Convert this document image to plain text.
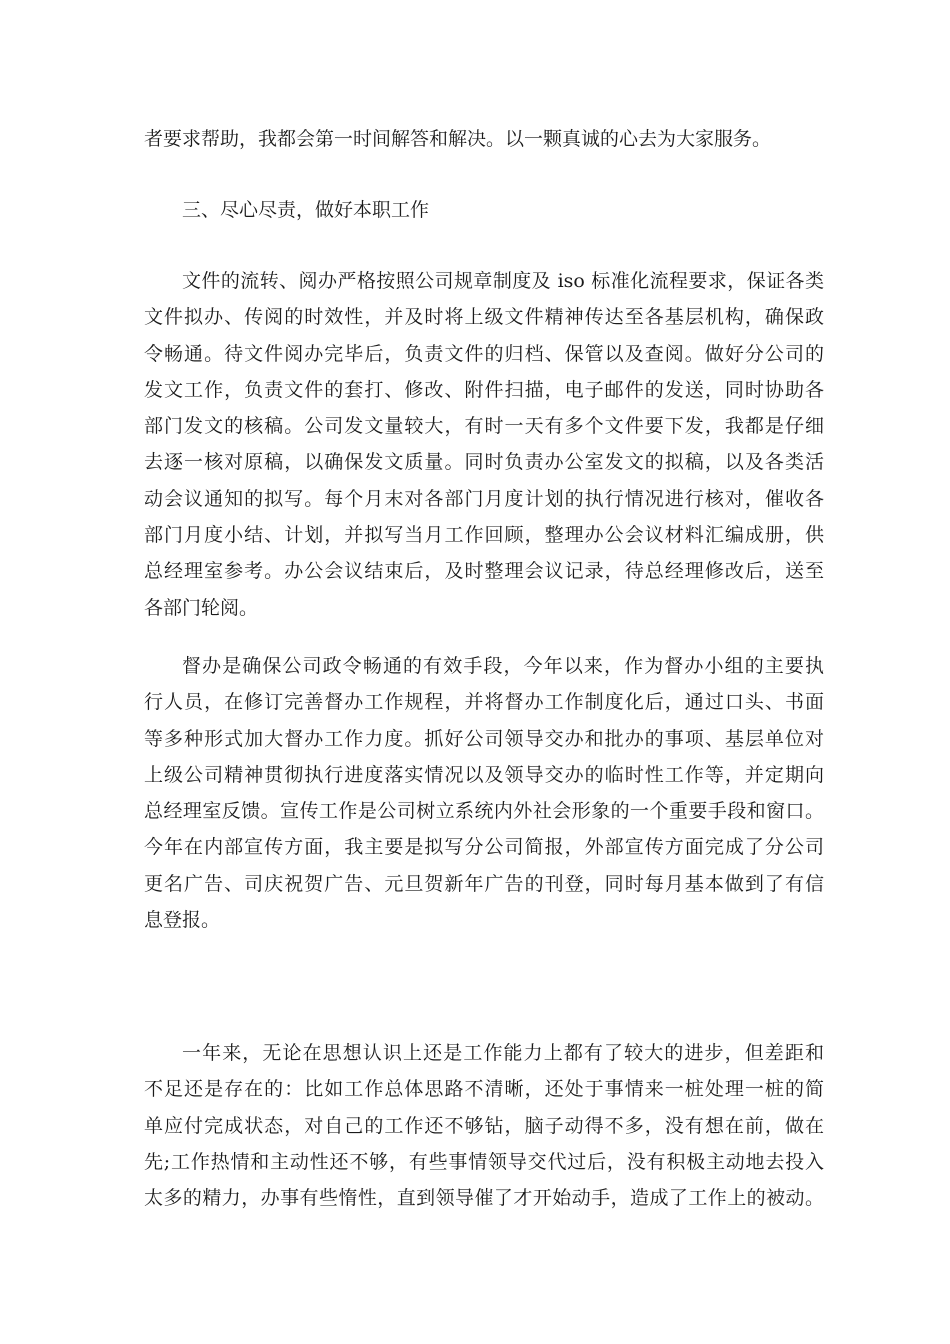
者要求帮助，我都会第一时间解答和解决。以一颗真诚的心去为大家服务。
三、尽心尽责，做好本职工作
文件的流转、阅办严格按照公司规章制度及 iso 标准化流程要求，保证各类
文件拟办、传阅的时效性，并及时将上级文件精神传达至各基层机构，确保政
令畅通。待文件阅办完毕后，负责文件的归档、保管以及查阅。做好分公司的
发文工作，负责文件的套打、修改、附件扫描，电子邮件的发送，同时协助各
部门发文的核稿。公司发文量较大，有时一天有多个文件要下发，我都是仔细
去逐一核对原稿，以确保发文质量。同时负责办公室发文的拟稿，以及各类活
动会议通知的拟写。每个月末对各部门月度计划的执行情况进行核对，催收各
部门月度小结、计划，并拟写当月工作回顾，整理办公会议材料汇编成册，供
总经理室参考。办公会议结束后，及时整理会议记录，待总经理修改后，送至
各部门轮阅。
督办是确保公司政令畅通的有效手段，今年以来，作为督办小组的主要执
行人员，在修订完善督办工作规程，并将督办工作制度化后，通过口头、书面
等多种形式加大督办工作力度。抓好公司领导交办和批办的事项、基层单位对
上级公司精神贯彻执行进度落实情况以及领导交办的临时性工作等，并定期向
总经理室反馈。宣传工作是公司树立系统内外社会形象的一个重要手段和窗口。
今年在内部宣传方面，我主要是拟写分公司简报，外部宣传方面完成了分公司
更名广告、司庆祝贺广告、元旦贺新年广告的刊登，同时每月基本做到了有信
息登报。
一年来，无论在思想认识上还是工作能力上都有了较大的进步，但差距和
不足还是存在的：比如工作总体思路不清晰，还处于事情来一桩处理一桩的简
单应付完成状态，对自己的工作还不够钻，脑子动得不多，没有想在前，做在
先;工作热情和主动性还不够，有些事情领导交代过后，没有积极主动地去投入
太多的精力，办事有些惰性，直到领导催了才开始动手，造成了工作上的被动。
